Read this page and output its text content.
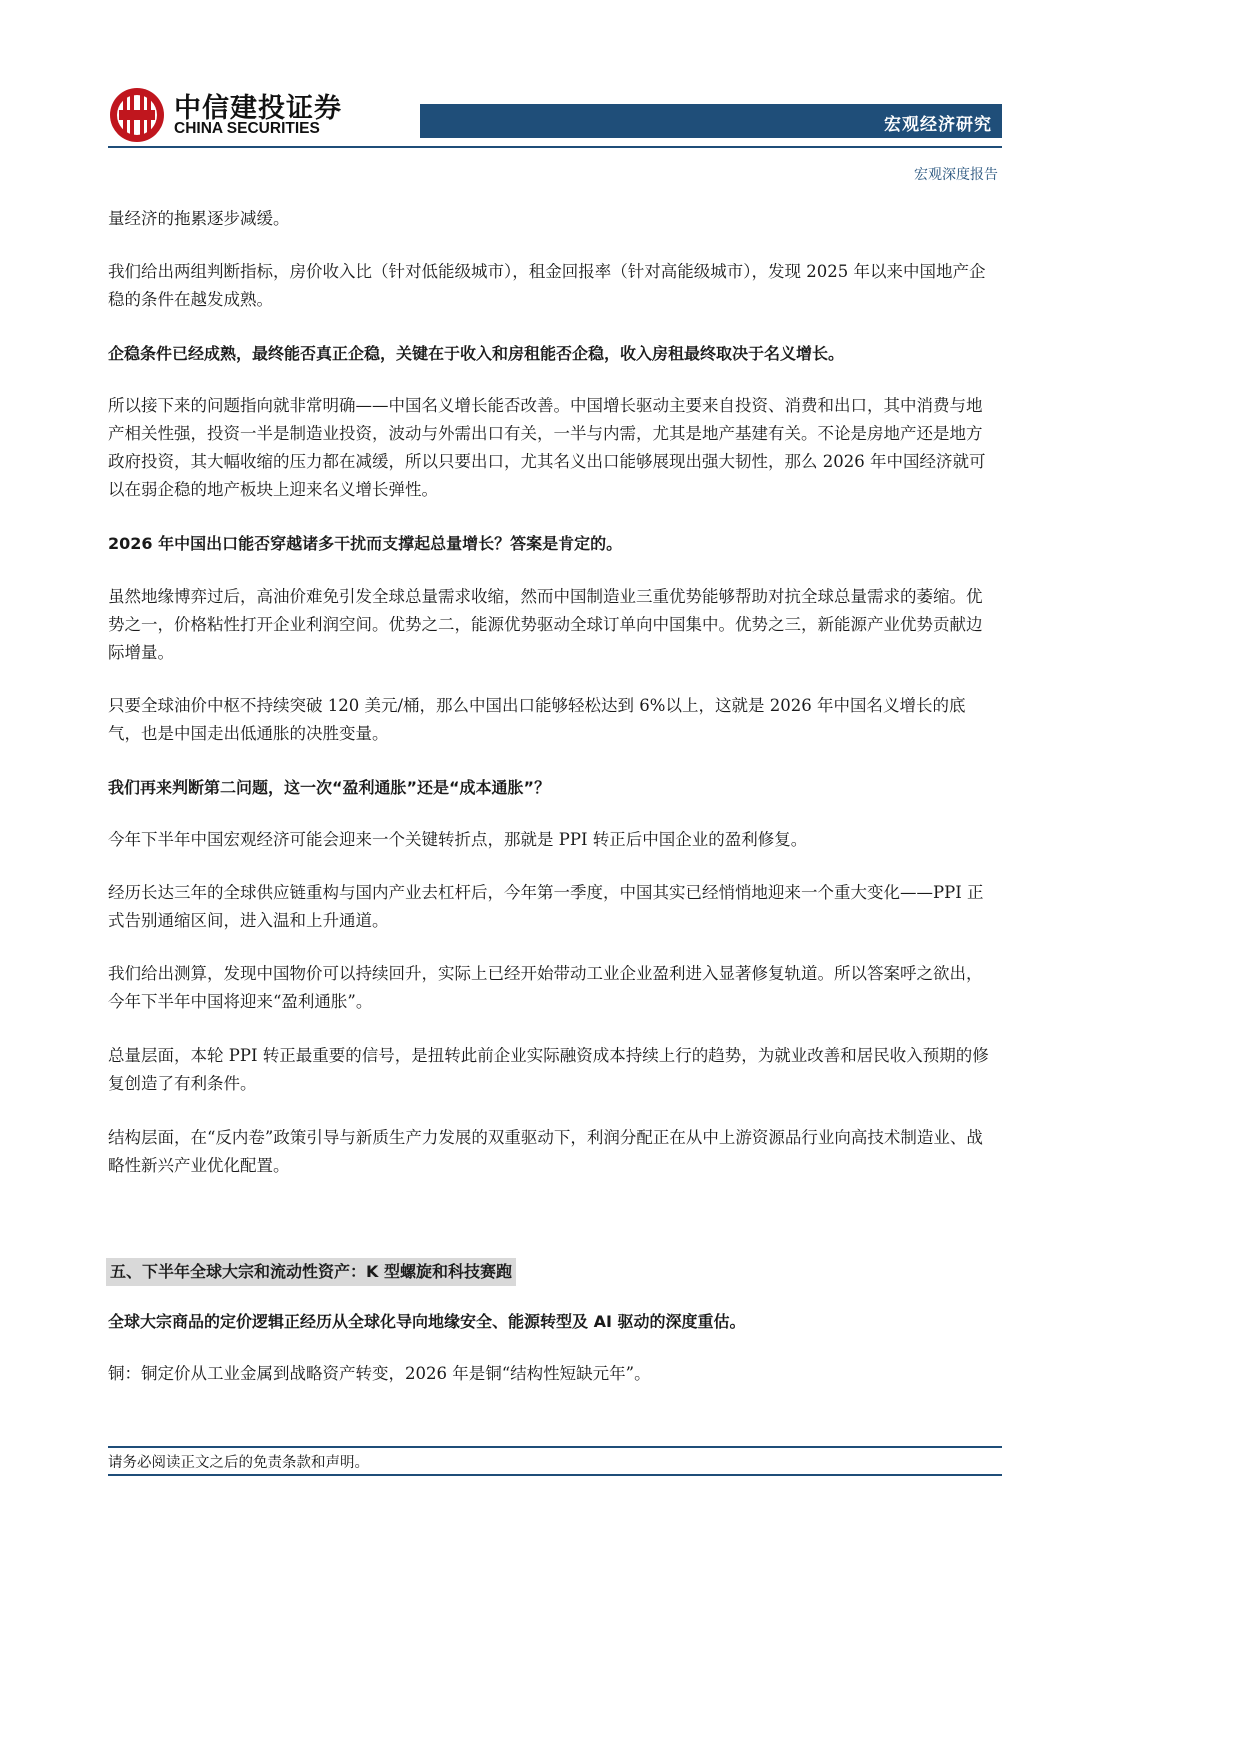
中信建投证券
CHINA SECURITIES	宏观经济研究
宏观深度报告

量经济的拖累逐步减缓。

我们给出两组判断指标，房价收入比（针对低能级城市），租金回报率（针对高能级城市），发现 2025 年以来中国地产企稳的条件在越发成熟。

企稳条件已经成熟，最终能否真正企稳，关键在于收入和房租能否企稳，收入房租最终取决于名义增长。

所以接下来的问题指向就非常明确——中国名义增长能否改善。中国增长驱动主要来自投资、消费和出口，其中消费与地产相关性强，投资一半是制造业投资，波动与外需出口有关，一半与内需，尤其是地产基建有关。不论是房地产还是地方政府投资，其大幅收缩的压力都在减缓，所以只要出口，尤其名义出口能够展现出强大韧性，那么 2026 年中国经济就可以在弱企稳的地产板块上迎来名义增长弹性。

2026 年中国出口能否穿越诸多干扰而支撑起总量增长？答案是肯定的。

虽然地缘博弈过后，高油价难免引发全球总量需求收缩，然而中国制造业三重优势能够帮助对抗全球总量需求的萎缩。优势之一，价格粘性打开企业利润空间。优势之二，能源优势驱动全球订单向中国集中。优势之三，新能源产业优势贡献边际增量。

只要全球油价中枢不持续突破 120 美元/桶，那么中国出口能够轻松达到 6%以上，这就是 2026 年中国名义增长的底气，也是中国走出低通胀的决胜变量。

我们再来判断第二问题，这一次“盈利通胀”还是“成本通胀”？

今年下半年中国宏观经济可能会迎来一个关键转折点，那就是 PPI 转正后中国企业的盈利修复。

经历长达三年的全球供应链重构与国内产业去杠杆后，今年第一季度，中国其实已经悄悄地迎来一个重大变化——PPI 正式告别通缩区间，进入温和上升通道。

我们给出测算，发现中国物价可以持续回升，实际上已经开始带动工业企业盈利进入显著修复轨道。所以答案呼之欲出，今年下半年中国将迎来“盈利通胀”。

总量层面，本轮 PPI 转正最重要的信号，是扭转此前企业实际融资成本持续上行的趋势，为就业改善和居民收入预期的修复创造了有利条件。

结构层面，在“反内卷”政策引导与新质生产力发展的双重驱动下，利润分配正在从中上游资源品行业向高技术制造业、战略性新兴产业优化配置。

五、下半年全球大宗和流动性资产：K 型螺旋和科技赛跑

全球大宗商品的定价逻辑正经历从全球化导向地缘安全、能源转型及 AI 驱动的深度重估。

铜：铜定价从工业金属到战略资产转变，2026 年是铜“结构性短缺元年”。

请务必阅读正文之后的免责条款和声明。
